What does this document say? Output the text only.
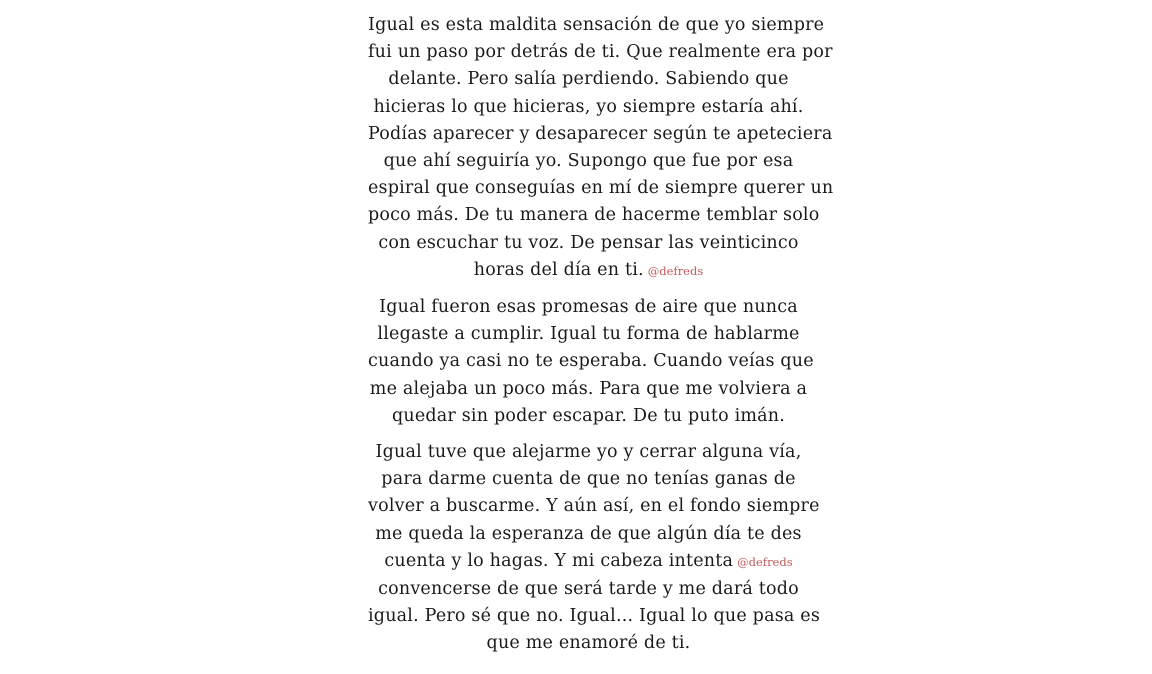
Igual es esta maldita sensación de que yo siempre
fui un paso por detrás de ti. Que realmente era por
delante. Pero salía perdiendo. Sabiendo que
hicieras lo que hicieras, yo siempre estaría ahí.
Podías aparecer y desaparecer según te apeteciera
que ahí seguiría yo. Supongo que fue por esa
espiral que conseguías en mí de siempre querer un
poco más. De tu manera de hacerme temblar solo
con escuchar tu voz. De pensar las veinticinco
horas del día en ti. @defreds
Igual fueron esas promesas de aire que nunca
llegaste a cumplir. Igual tu forma de hablarme
cuando ya casi no te esperaba. Cuando veías que
me alejaba un poco más. Para que me volviera a
quedar sin poder escapar. De tu puto imán.
Igual tuve que alejarme yo y cerrar alguna vía,
para darme cuenta de que no tenías ganas de
volver a buscarme. Y aún así, en el fondo siempre
me queda la esperanza de que algún día te des
cuenta y lo hagas. Y mi cabeza intenta @defreds
convencerse de que será tarde y me dará todo
igual. Pero sé que no. Igual... Igual lo que pasa es
que me enamoré de ti.
